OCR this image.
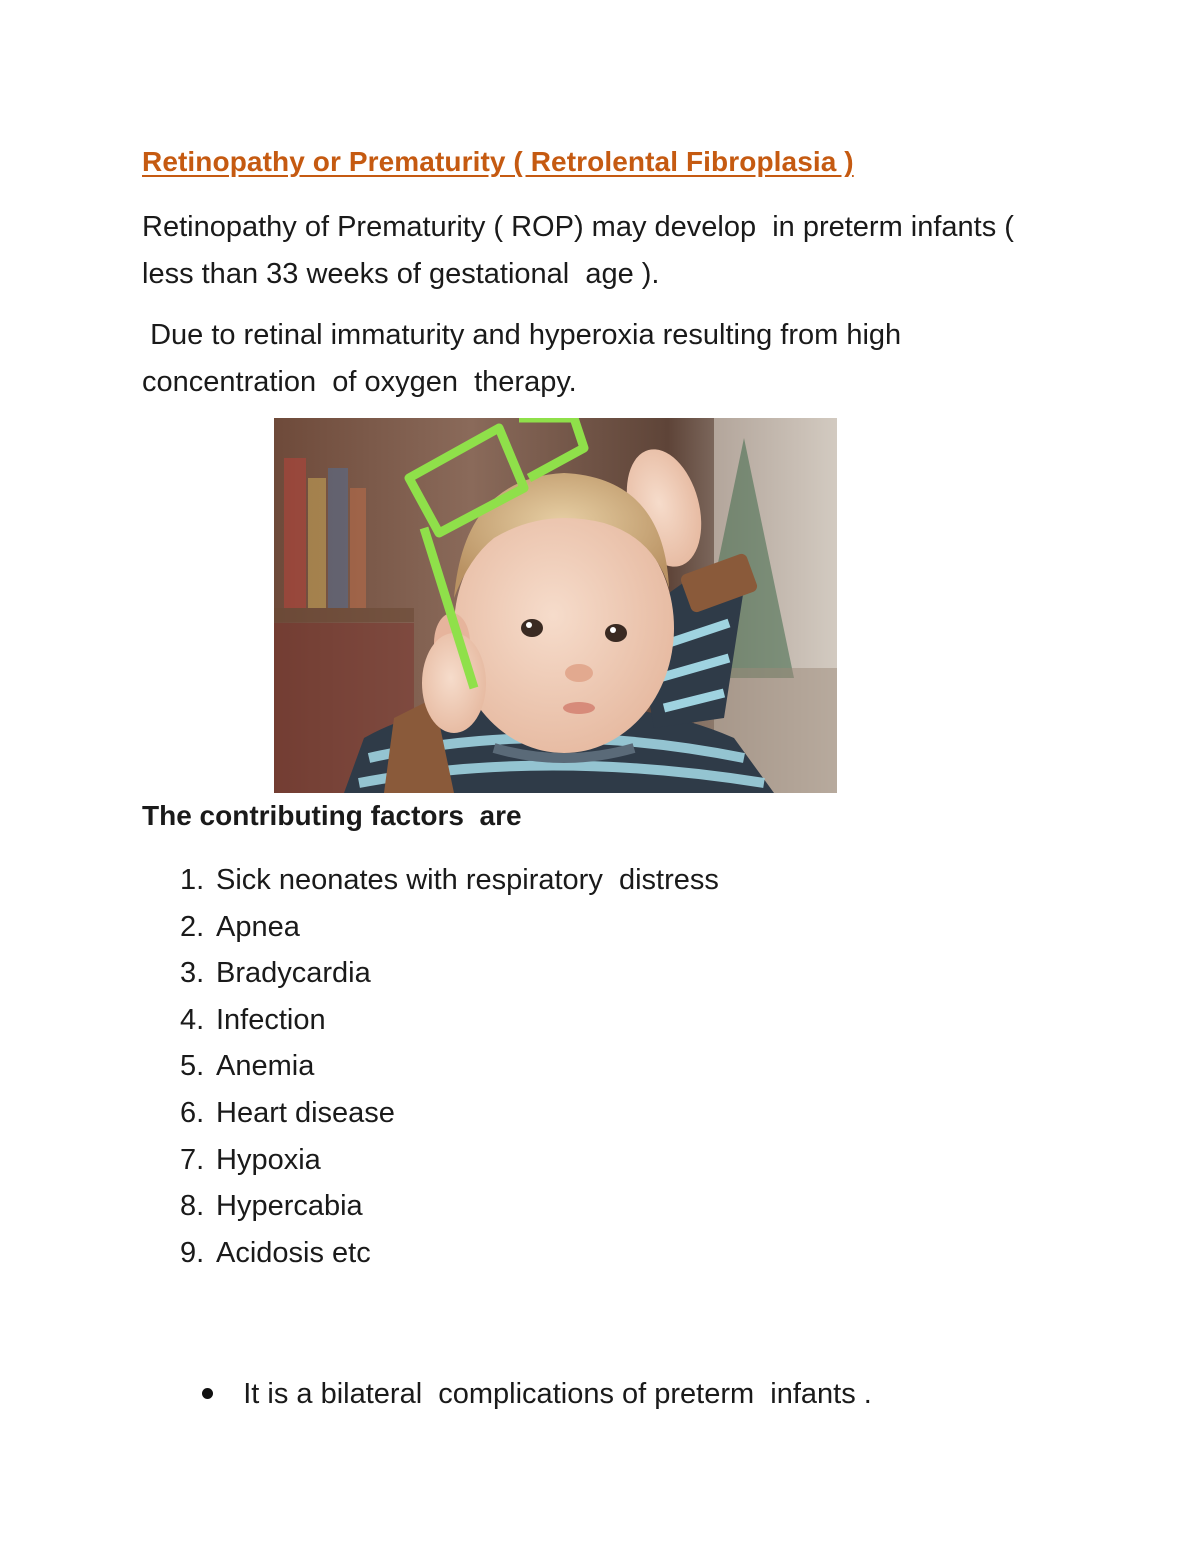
Retinopathy or Prematurity ( Retrolental Fibroplasia )
Retinopathy of Prematurity ( ROP) may develop  in preterm infants ( less than 33 weeks of gestational  age ).
Due to retinal immaturity and hyperoxia resulting from high concentration  of oxygen  therapy.
The contributing factors  are
1. Sick neonates with respiratory  distress
2. Apnea
3. Bradycardia
4. Infection
5. Anemia
6. Heart disease
7. Hypoxia
8. Hypercabia
9. Acidosis etc

It is a bilateral  complications of preterm  infants .
